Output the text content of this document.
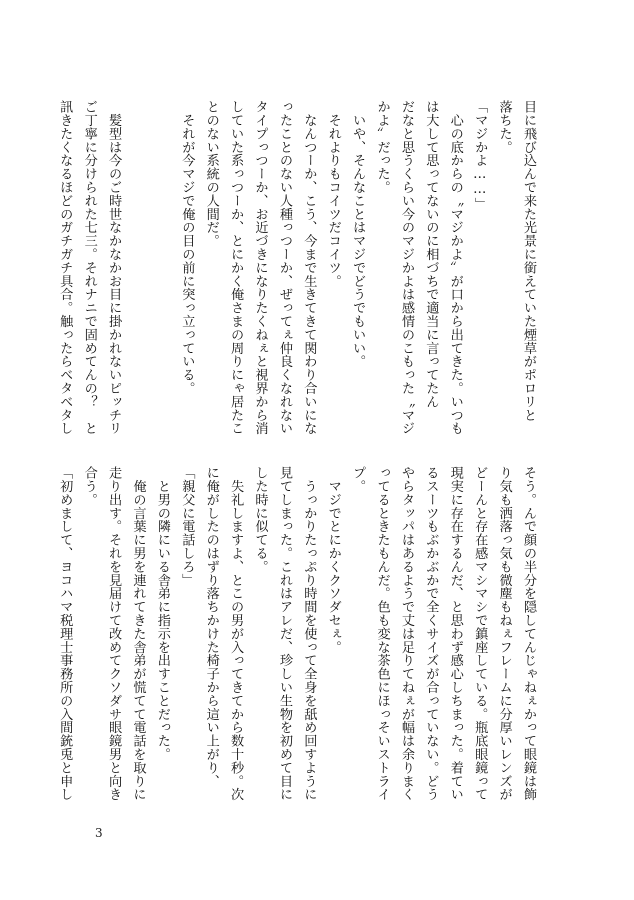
目に飛び込んで来た光景に銜えていた煙草がポロリと
落ちた。
「マジかよ……」
　心の底からの〝マジかよ〟が口から出てきた。いつも
は大して思ってないのに相づちで適当に言ってたん
だなと思うくらい今のマジかよは感情のこもった〝マジ
かよ〟だった。
　いや、そんなことはマジでどうでもいい。
　それよりもコイツだコイツ。
　なんつーか、こう、今まで生きてきて関わり合いにな
ったことのない人種っつーか、ぜってぇ仲良くなれない
タイプっつーか、お近づきになりたくねぇと視界から消
していた系っつーか、とにかく俺さまの周りにゃ居たこ
とのない系統の人間だ。
　それが今マジで俺の目の前に突っ立っている。
　髪型は今のご時世なかなかお目に掛かれないピッチリ
ご丁寧に分けられた七三。それナニで固めてんの？　と
訊きたくなるほどのガチガチ具合。触ったらベタベタし
そう。んで顔の半分を隠してんじゃねぇかって眼鏡は飾
り気も洒落っ気も微塵もねぇフレームに分厚いレンズが
どーんと存在感マシマシで鎮座している。瓶底眼鏡って
現実に存在するんだ、と思わず感心しちまった。着てい
るスーツもぶかぶかで全くサイズが合っていない。どう
やらタッパはあるようで丈は足りてねぇが幅は余りまく
ってるときたもんだ。色も変な茶色にほっそいストライ
プ。
　マジでとにかくクソダセぇ。
　うっかりたっぷり時間を使って全身を舐め回すように
見てしまった。これはアレだ、珍しい生物を初めて目に
した時に似てる。
　失礼しますよ、とこの男が入ってきてから数十秒。次
に俺がしたのはずり落ちかけた椅子から這い上がり、
「親父に電話しろ」
　と男の隣にいる舎弟に指示を出すことだった。
　俺の言葉に男を連れてきた舎弟が慌てて電話を取りに
走り出す。それを見届けて改めてクソダサ眼鏡男と向き
合う。
「初めまして、ヨコハマ税理士事務所の入間銃兎と申し
3
